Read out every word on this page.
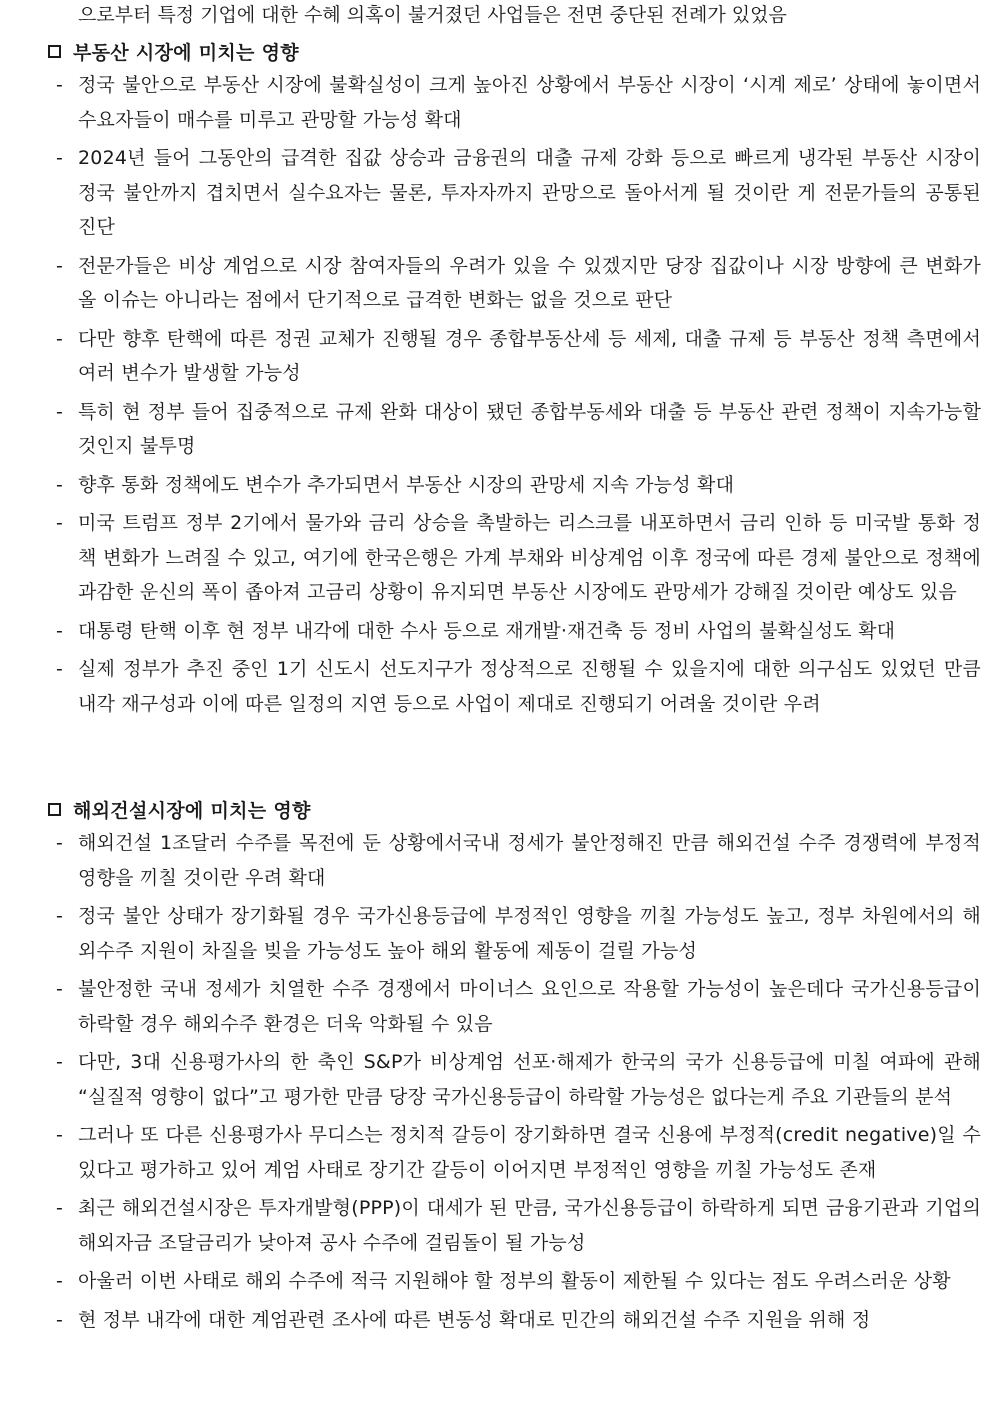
으로부터 특정 기업에 대한 수혜 의혹이 불거졌던 사업들은 전면 중단된 전례가 있었음
부동산 시장에 미치는 영향
- 정국 불안으로 부동산 시장에 불확실성이 크게 높아진 상황에서 부동산 시장이 ‘시계 제로’ 상태에 놓이면서 수요자들이 매수를 미루고 관망할 가능성 확대
- 2024년 들어 그동안의 급격한 집값 상승과 금융권의 대출 규제 강화 등으로 빠르게 냉각된 부동산 시장이 정국 불안까지 겹치면서 실수요자는 물론, 투자자까지 관망으로 돌아서게 될 것이란 게 전문가들의 공통된 진단
- 전문가들은 비상 계엄으로 시장 참여자들의 우려가 있을 수 있겠지만 당장 집값이나 시장 방향에 큰 변화가 올 이슈는 아니라는 점에서 단기적으로 급격한 변화는 없을 것으로 판단
- 다만 향후 탄핵에 따른 정권 교체가 진행될 경우 종합부동산세 등 세제, 대출 규제 등 부동산 정책 측면에서 여러 변수가 발생할 가능성
- 특히 현 정부 들어 집중적으로 규제 완화 대상이 됐던 종합부동세와 대출 등 부동산 관련 정책이 지속가능할 것인지 불투명
- 향후 통화 정책에도 변수가 추가되면서 부동산 시장의 관망세 지속 가능성 확대
- 미국 트럼프 정부 2기에서 물가와 금리 상승을 촉발하는 리스크를 내포하면서 금리 인하 등 미국발 통화 정책 변화가 느려질 수 있고, 여기에 한국은행은 가계 부채와 비상계엄 이후 정국에 따른 경제 불안으로 정책에 과감한 운신의 폭이 좁아져 고금리 상황이 유지되면 부동산 시장에도 관망세가 강해질 것이란 예상도 있음
- 대통령 탄핵 이후 현 정부 내각에 대한 수사 등으로 재개발·재건축 등 정비 사업의 불확실성도 확대
- 실제 정부가 추진 중인 1기 신도시 선도지구가 정상적으로 진행될 수 있을지에 대한 의구심도 있었던 만큼 내각 재구성과 이에 따른 일정의 지연 등으로 사업이 제대로 진행되기 어려울 것이란 우려
해외건설시장에 미치는 영향
- 해외건설 1조달러 수주를 목전에 둔 상황에서국내 정세가 불안정해진 만큼 해외건설 수주 경쟁력에 부정적 영향을 끼칠 것이란 우려 확대
- 정국 불안 상태가 장기화될 경우 국가신용등급에 부정적인 영향을 끼칠 가능성도 높고, 정부 차원에서의 해외수주 지원이 차질을 빚을 가능성도 높아 해외 활동에 제동이 걸릴 가능성
- 불안정한 국내 정세가 치열한 수주 경쟁에서 마이너스 요인으로 작용할 가능성이 높은데다 국가신용등급이 하락할 경우 해외수주 환경은 더욱 악화될 수 있음
- 다만, 3대 신용평가사의 한 축인 S&P가 비상계엄 선포·해제가 한국의 국가 신용등급에 미칠 여파에 관해 “실질적 영향이 없다”고 평가한 만큼 당장 국가신용등급이 하락할 가능성은 없다는게 주요 기관들의 분석
- 그러나 또 다른 신용평가사 무디스는 정치적 갈등이 장기화하면 결국 신용에 부정적(credit negative)일 수 있다고 평가하고 있어 계엄 사태로 장기간 갈등이 이어지면 부정적인 영향을 끼칠 가능성도 존재
- 최근 해외건설시장은 투자개발형(PPP)이 대세가 된 만큼, 국가신용등급이 하락하게 되면 금융기관과 기업의 해외자금 조달금리가 낮아져 공사 수주에 걸림돌이 될 가능성
- 아울러 이번 사태로 해외 수주에 적극 지원해야 할 정부의 활동이 제한될 수 있다는 점도 우려스러운 상황
- 현 정부 내각에 대한 계엄관련 조사에 따른 변동성 확대로 민간의 해외건설 수주 지원을 위해 정
